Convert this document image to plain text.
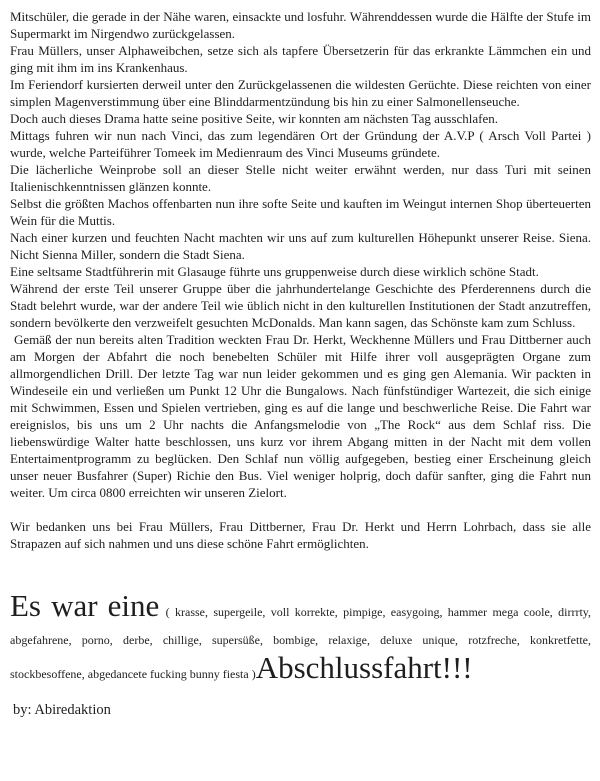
Mitschüler, die gerade in der Nähe waren, einsackte und losfuhr. Währenddessen wurde die Hälfte der Stufe im Supermarkt im Nirgendwo zurückgelassen.

Frau Müllers, unser Alphaweibchen, setze sich als tapfere Übersetzerin für das erkrankte Lämmchen ein und ging mit ihm im ins Krankenhaus.

Im Feriendorf kursierten derweil unter den Zurückgelassenen die wildesten Gerüchte. Diese reichten von einer simplen Magenverstimmung über eine Blinddarmentzündung bis hin zu einer Salmonellenseuche.

Doch auch dieses Drama hatte seine positive Seite, wir konnten am nächsten Tag ausschlafen.

Mittags fuhren wir nun nach Vinci, das zum legendären Ort der Gründung der A.V.P ( Arsch Voll Partei ) wurde, welche Parteiführer Tomeek im Medienraum des Vinci Museums gründete.

Die lächerliche Weinprobe soll an dieser Stelle nicht weiter erwähnt werden, nur dass Turi mit seinen Italienischkenntnissen glänzen konnte.

Selbst die größten Machos offenbarten nun ihre softe Seite und kauften im Weingut internen Shop überteuerten Wein für die Muttis.

Nach einer kurzen und feuchten Nacht machten wir uns auf zum kulturellen Höhepunkt unserer Reise. Siena. Nicht Sienna Miller, sondern die Stadt Siena.

Eine seltsame Stadtführerin mit Glasauge führte uns gruppenweise durch diese wirklich schöne Stadt.

Während der erste Teil unserer Gruppe über die jahrhundertelange Geschichte des Pferderennens durch die Stadt belehrt wurde, war der andere Teil wie üblich nicht in den kulturellen Institutionen der Stadt anzutreffen, sondern bevölkerte den verzweifelt gesuchten McDonalds. Man kann sagen, das Schönste kam zum Schluss.

Gemäß der nun bereits alten Tradition weckten Frau Dr. Herkt, Weckhenne Müllers und Frau Dittberner auch am Morgen der Abfahrt die noch benebelten Schüler mit Hilfe ihrer voll ausgeprägten Organe zum allmorgendlichen Drill. Der letzte Tag war nun leider gekommen und es ging gen Alemania. Wir packten in Windeseile ein und verließen um Punkt 12 Uhr die Bungalows. Nach fünfstündiger Wartezeit, die sich einige mit Schwimmen, Essen und Spielen vertrieben, ging es auf die lange und beschwerliche Reise. Die Fahrt war ereignislos, bis uns um 2 Uhr nachts die Anfangsmelodie von „The Rock“ aus dem Schlaf riss. Die liebenswürdige Walter hatte beschlossen, uns kurz vor ihrem Abgang mitten in der Nacht mit dem vollen Entertaimentprogramm zu beglücken. Den Schlaf nun völlig aufgegeben, bestieg einer Erscheinung gleich unser neuer Busfahrer (Super) Richie den Bus. Viel weniger holprig, doch dafür sanfter, ging die Fahrt nun weiter. Um circa 0800 erreichten wir unseren Zielort.

Wir bedanken uns bei Frau Müllers, Frau Dittberner, Frau Dr. Herkt und Herrn Lohrbach, dass sie alle Strapazen auf sich nahmen und uns diese schöne Fahrt ermöglichten.

Es war eine ( krasse, supergeile, voll korrekte, pimpige, easygoing, hammer mega coole, dirrrty, abgefahrene, porno, derbe, chillige, supersüße, bombige, relaxige, deluxe unique, rotzfreche, konkretfette, stockbesoffene, abgedancete fucking bunny fiesta )Abschlussfahrt!!!
by: Abiredaktion
